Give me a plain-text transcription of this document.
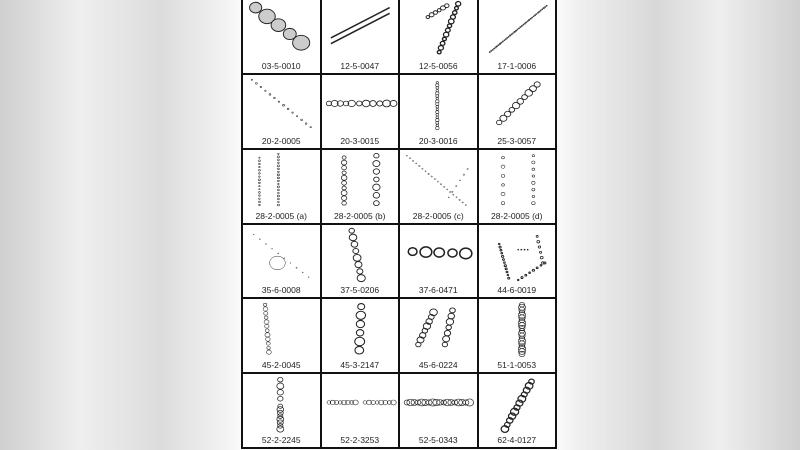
03-5-0010	12-5-0047	12-5-0056	17-1-0006
20-2-0005	20-3-0015	20-3-0016	25-3-0057
28-2-0005 (a)	28-2-0005 (b)	28-2-0005 (c)	28-2-0005 (d)
35-6-0008	37-5-0206	37-6-0471	44-6-0019
45-2-0045	45-3-2147	45-6-0224	51-1-0053
52-2-2245	52-2-3253	52-5-0343	62-4-0127
